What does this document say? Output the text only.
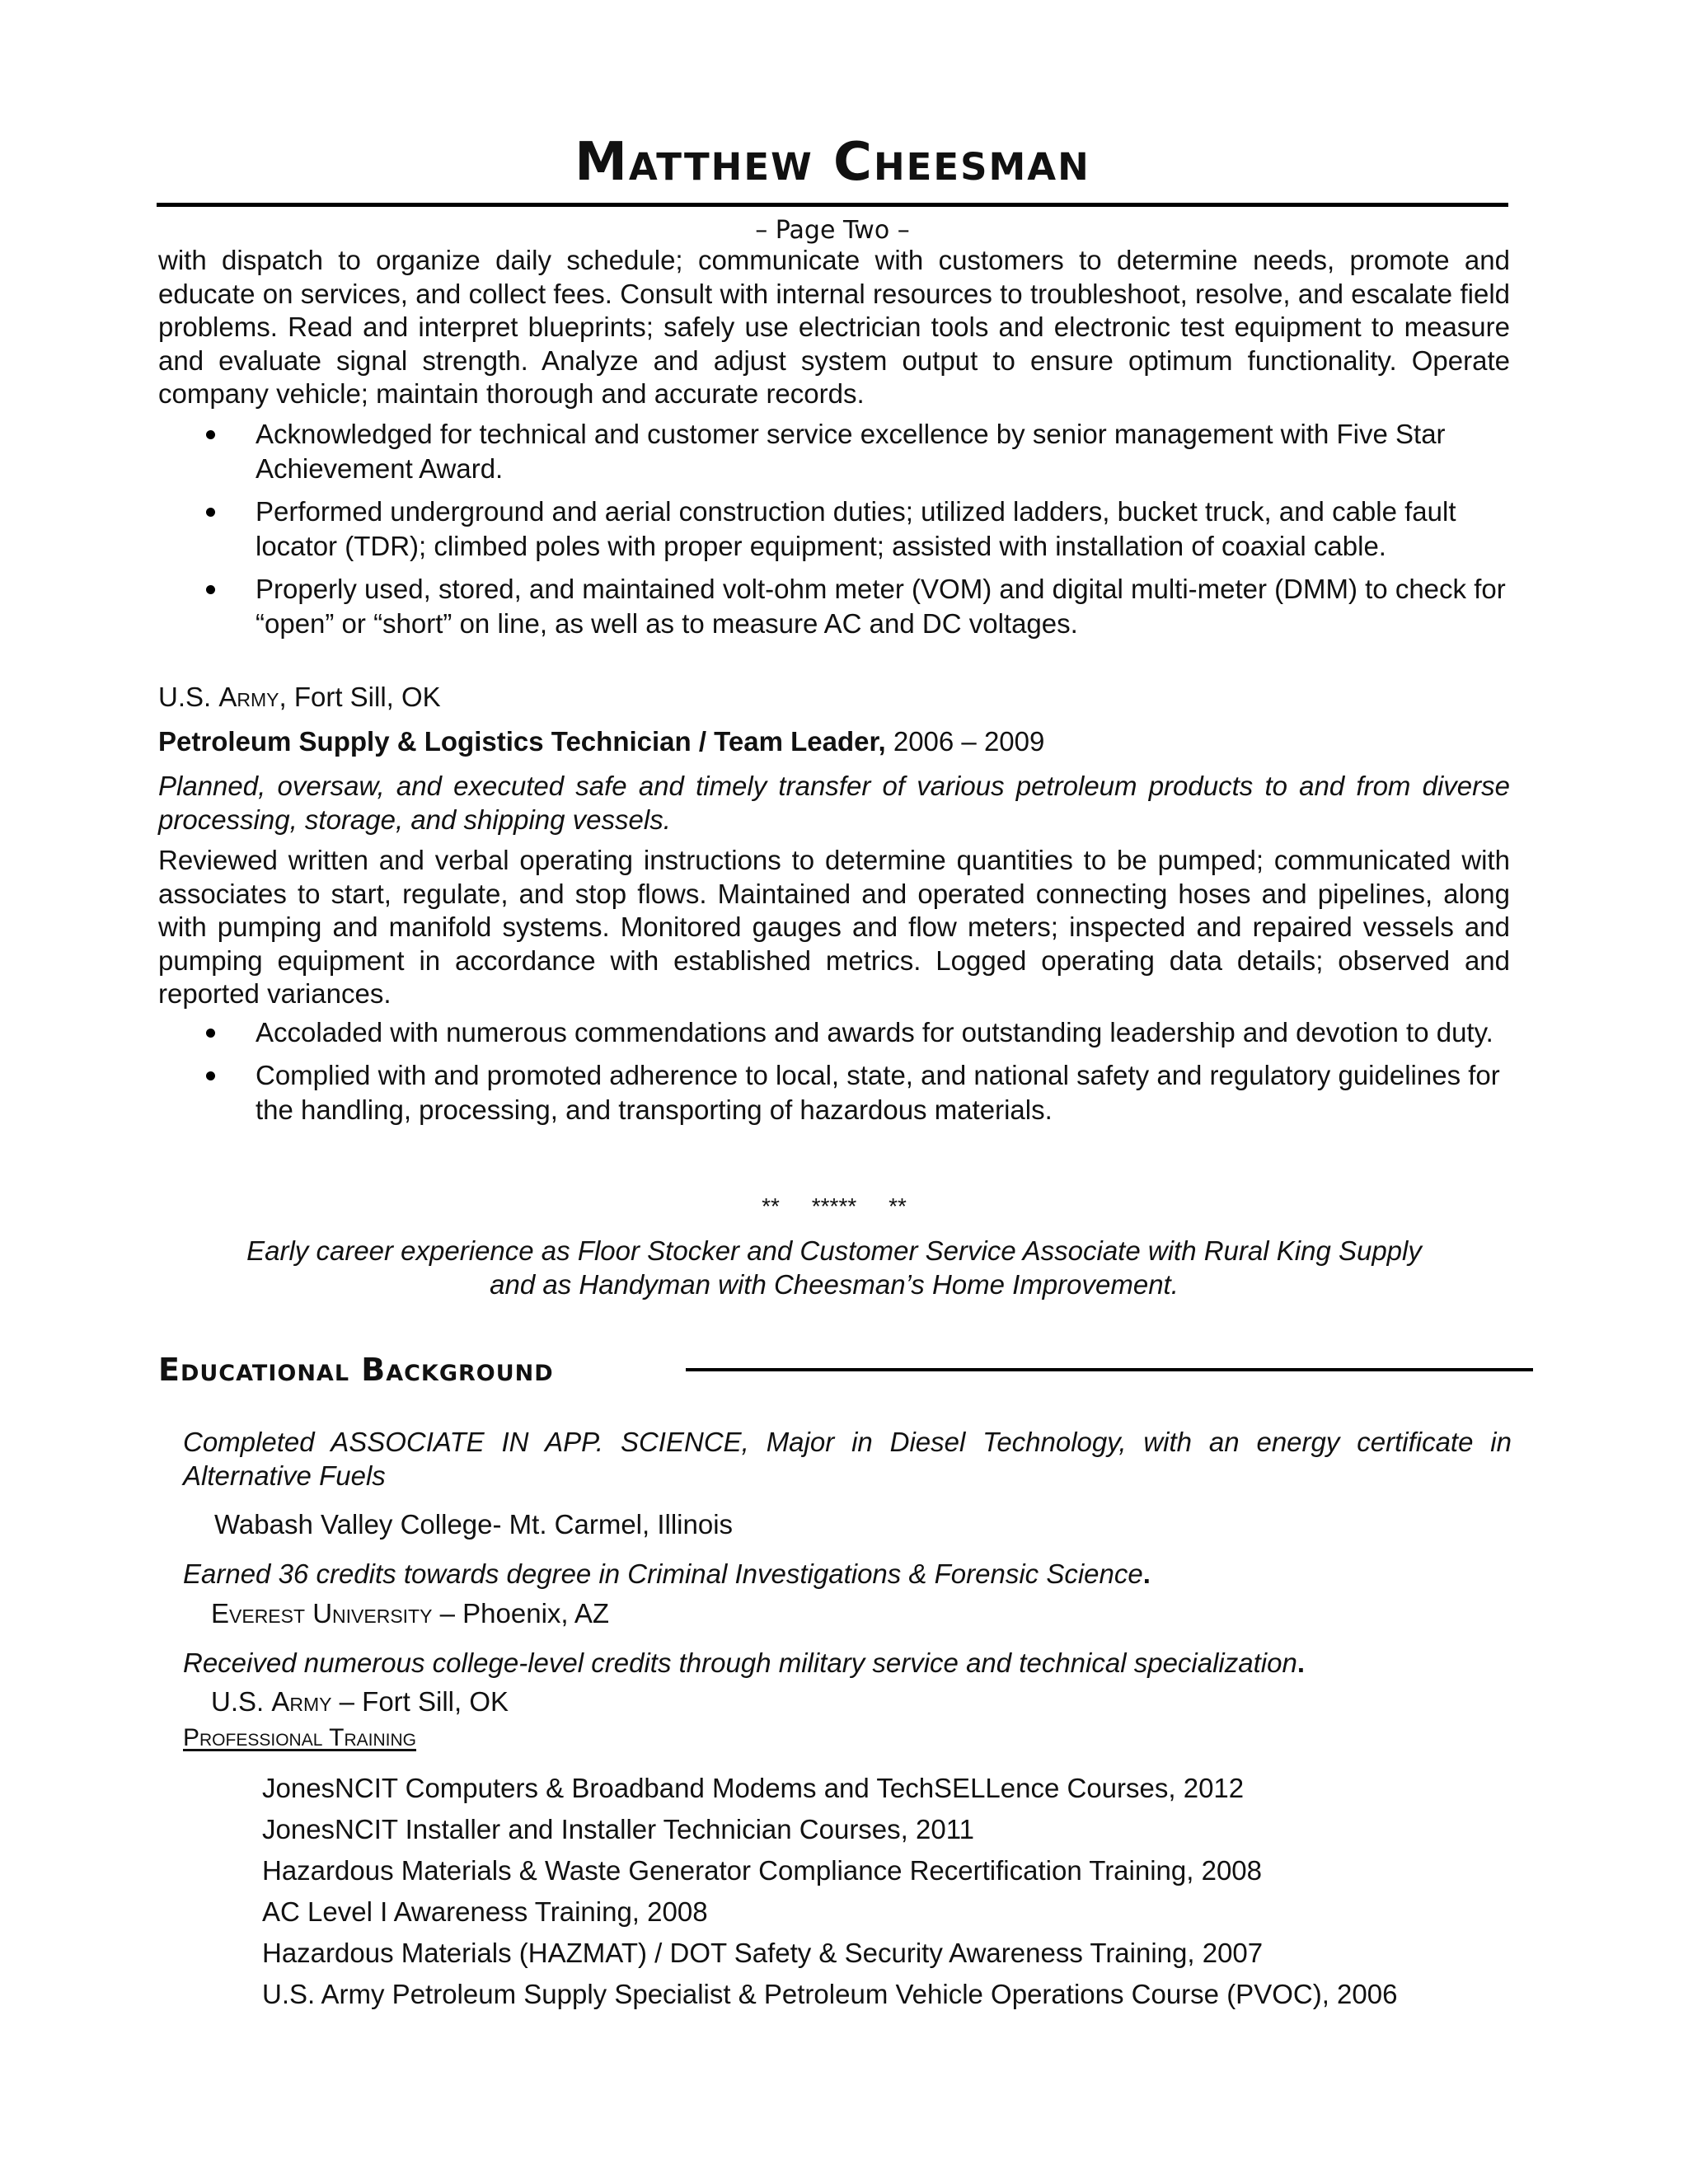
Matthew Cheesman
– Page Two –
with dispatch to organize daily schedule; communicate with customers to determine needs, promote and educate on services, and collect fees. Consult with internal resources to troubleshoot, resolve, and escalate field problems. Read and interpret blueprints; safely use electrician tools and electronic test equipment to measure and evaluate signal strength. Analyze and adjust system output to ensure optimum functionality. Operate company vehicle; maintain thorough and accurate records.
Acknowledged for technical and customer service excellence by senior management with Five Star Achievement Award.
Performed underground and aerial construction duties; utilized ladders, bucket truck, and cable fault locator (TDR); climbed poles with proper equipment; assisted with installation of coaxial cable.
Properly used, stored, and maintained volt-ohm meter (VOM) and digital multi-meter (DMM) to check for “open” or “short” on line, as well as to measure AC and DC voltages.
U.S. Army, Fort Sill, OK
Petroleum Supply & Logistics Technician / Team Leader, 2006 – 2009
Planned, oversaw, and executed safe and timely transfer of various petroleum products to and from diverse processing, storage, and shipping vessels.
Reviewed written and verbal operating instructions to determine quantities to be pumped; communicated with associates to start, regulate, and stop flows. Maintained and operated connecting hoses and pipelines, along with pumping and manifold systems. Monitored gauges and flow meters; inspected and repaired vessels and pumping equipment in accordance with established metrics. Logged operating data details; observed and reported variances.
Accoladed with numerous commendations and awards for outstanding leadership and devotion to duty.
Complied with and promoted adherence to local, state, and national safety and regulatory guidelines for the handling, processing, and transporting of hazardous materials.
**     *****     **
Early career experience as Floor Stocker and Customer Service Associate with Rural King Supply
and as Handyman with Cheesman’s Home Improvement.
Educational Background
Completed ASSOCIATE IN APP. SCIENCE, Major in Diesel Technology, with an energy certificate in Alternative Fuels
Wabash Valley College- Mt. Carmel, Illinois
Earned 36 credits towards degree in Criminal Investigations & Forensic Science.
Everest University – Phoenix, AZ
Received numerous college-level credits through military service and technical specialization.
U.S. Army – Fort Sill, OK
Professional Training
JonesNCIT Computers & Broadband Modems and TechSELLence Courses, 2012
JonesNCIT Installer and Installer Technician Courses, 2011
Hazardous Materials & Waste Generator Compliance Recertification Training, 2008
AC Level I Awareness Training, 2008
Hazardous Materials (HAZMAT) / DOT Safety & Security Awareness Training, 2007
U.S. Army Petroleum Supply Specialist & Petroleum Vehicle Operations Course (PVOC), 2006
